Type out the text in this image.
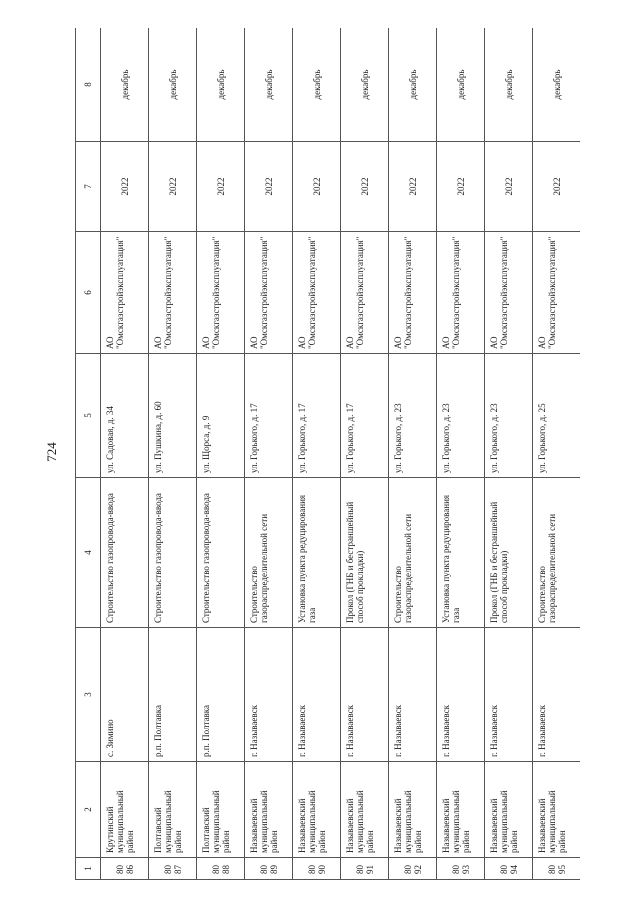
724
1	2	3	4	5	6	7	8
8086	Крутинский муниципальный район	с. Зимино	Строительство газопровода-ввода	ул. Садовая, д. 34	АО "Омскгазстройэксплуатация"	2022	декабрь
8087	Полтавский муниципальный район	р.п. Полтавка	Строительство газопровода-ввода	ул. Пушкина, д. 60	АО "Омскгазстройэксплуатация"	2022	декабрь
8088	Полтавский муниципальный район	р.п. Полтавка	Строительство газопровода-ввода	ул. Щорса, д. 9	АО "Омскгазстройэксплуатация"	2022	декабрь
8089	Называевский муниципальный район	г. Называевск	Строительство газораспределительной сети	ул. Горького, д. 17	АО "Омскгазстройэксплуатация"	2022	декабрь
8090	Называевский муниципальный район	г. Называевск	Установка пункта редуцирования газа	ул. Горького, д. 17	АО "Омскгазстройэксплуатация"	2022	декабрь
8091	Называевский муниципальный район	г. Называевск	Прокол (ГНБ и бестраншейный способ прокладки)	ул. Горького, д. 17	АО "Омскгазстройэксплуатация"	2022	декабрь
8092	Называевский муниципальный район	г. Называевск	Строительство газораспределительной сети	ул. Горького, д. 23	АО "Омскгазстройэксплуатация"	2022	декабрь
8093	Называевский муниципальный район	г. Называевск	Установка пункта редуцирования газа	ул. Горького, д. 23	АО "Омскгазстройэксплуатация"	2022	декабрь
8094	Называевский муниципальный район	г. Называевск	Прокол (ГНБ и бестраншейный способ прокладки)	ул. Горького, д. 23	АО "Омскгазстройэксплуатация"	2022	декабрь
8095	Называевский муниципальный район	г. Называевск	Строительство газораспределительной сети	ул. Горького, д. 25	АО "Омскгазстройэксплуатация"	2022	декабрь
